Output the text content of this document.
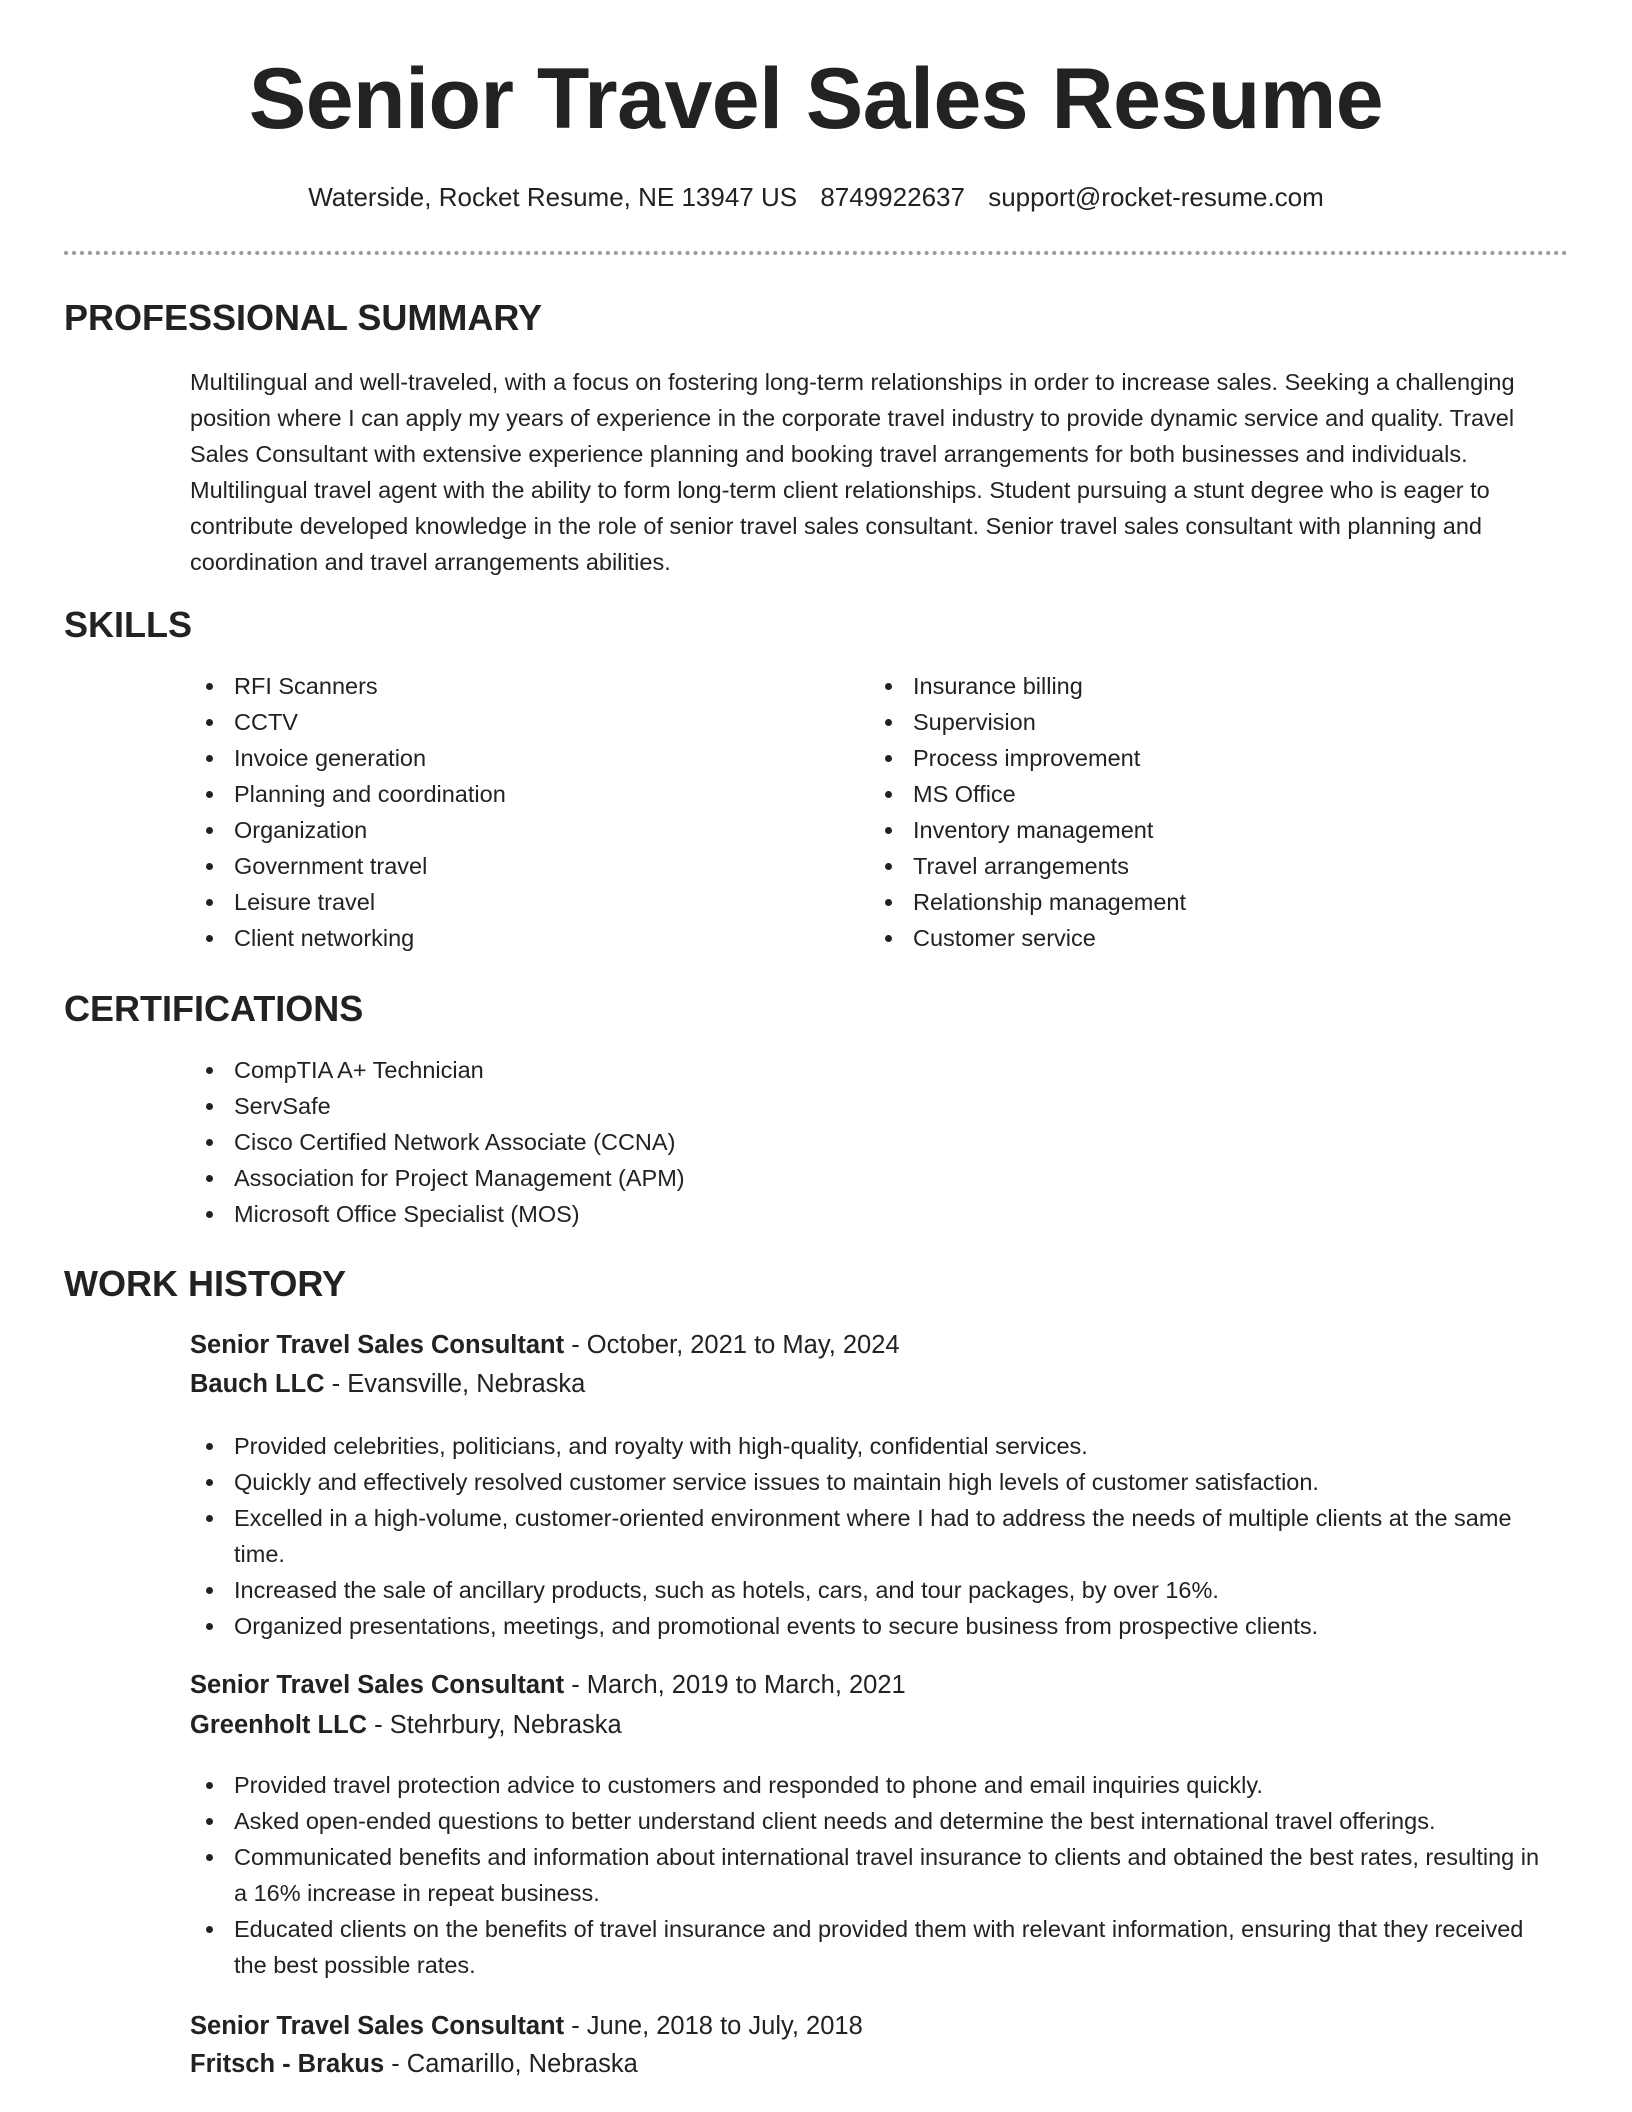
Senior Travel Sales Resume
Waterside, Rocket Resume, NE 13947 US 8749922637 support@rocket-resume.com
PROFESSIONAL SUMMARY

Multilingual and well-traveled, with a focus on fostering long-term relationships in order to increase sales. Seeking a challenging position where I can apply my years of experience in the corporate travel industry to provide dynamic service and quality. Travel Sales Consultant with extensive experience planning and booking travel arrangements for both businesses and individuals. Multilingual travel agent with the ability to form long-term client relationships. Student pursuing a stunt degree who is eager to contribute developed knowledge in the role of senior travel sales consultant. Senior travel sales consultant with planning and coordination and travel arrangements abilities.

SKILLS
RFI Scanners
CCTV
Invoice generation
Planning and coordination
Organization
Government travel
Leisure travel
Client networking
Insurance billing
Supervision
Process improvement
MS Office
Inventory management
Travel arrangements
Relationship management
Customer service
CERTIFICATIONS
CompTIA A+ Technician
ServSafe
Cisco Certified Network Associate (CCNA)
Association for Project Management (APM)
Microsoft Office Specialist (MOS)
WORK HISTORY
Senior Travel Sales Consultant - October, 2021 to May, 2024
Bauch LLC - Evansville, Nebraska
Provided celebrities, politicians, and royalty with high-quality, confidential services.
Quickly and effectively resolved customer service issues to maintain high levels of customer satisfaction.
Excelled in a high-volume, customer-oriented environment where I had to address the needs of multiple clients at the same time.
Increased the sale of ancillary products, such as hotels, cars, and tour packages, by over 16%.
Organized presentations, meetings, and promotional events to secure business from prospective clients.
Senior Travel Sales Consultant - March, 2019 to March, 2021
Greenholt LLC - Stehrbury, Nebraska
Provided travel protection advice to customers and responded to phone and email inquiries quickly.
Asked open-ended questions to better understand client needs and determine the best international travel offerings.
Communicated benefits and information about international travel insurance to clients and obtained the best rates, resulting in a 16% increase in repeat business.
Educated clients on the benefits of travel insurance and provided them with relevant information, ensuring that they received the best possible rates.
Senior Travel Sales Consultant - June, 2018 to July, 2018
Fritsch - Brakus - Camarillo, Nebraska
